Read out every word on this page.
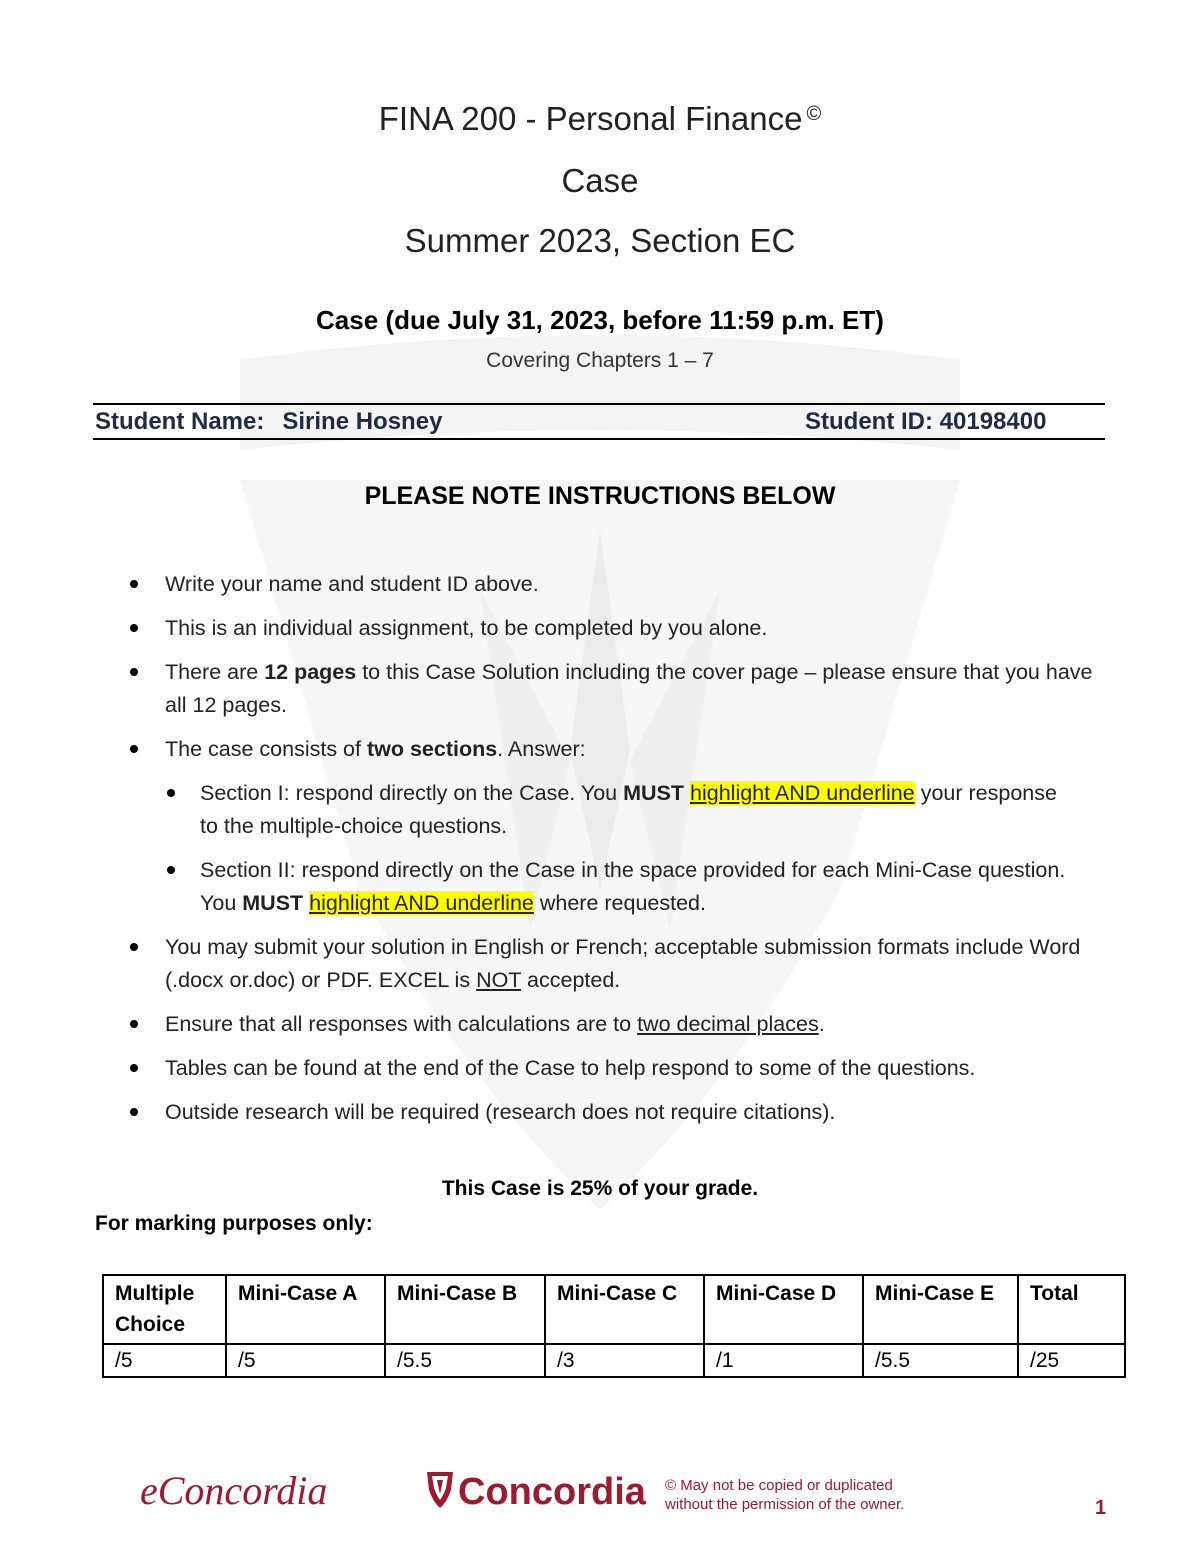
FINA 200 - Personal Finance ©
Case
Summer 2023, Section EC
Case (due July 31, 2023, before 11:59 p.m. ET)
Covering Chapters 1 – 7
Student Name: Sirine Hosney	Student ID: 40198400
PLEASE NOTE INSTRUCTIONS BELOW
Write your name and student ID above.
This is an individual assignment, to be completed by you alone.
There are 12 pages to this Case Solution including the cover page – please ensure that you have all 12 pages.
The case consists of two sections. Answer:
Section I: respond directly on the Case. You MUST highlight AND underline your response to the multiple-choice questions.
Section II: respond directly on the Case in the space provided for each Mini-Case question. You MUST highlight AND underline where requested.
You may submit your solution in English or French; acceptable submission formats include Word (.docx or.doc) or PDF. EXCEL is NOT accepted.
Ensure that all responses with calculations are to two decimal places.
Tables can be found at the end of the Case to help respond to some of the questions.
Outside research will be required (research does not require citations).
This Case is 25% of your grade.
For marking purposes only:
Multiple Choice	Mini-Case A	Mini-Case B	Mini-Case C	Mini-Case D	Mini-Case E	Total
/5	/5	/5.5	/3	/1	/5.5	/25
eConcordia	Concordia © May not be copied or duplicated
without the permission of the owner.	1
